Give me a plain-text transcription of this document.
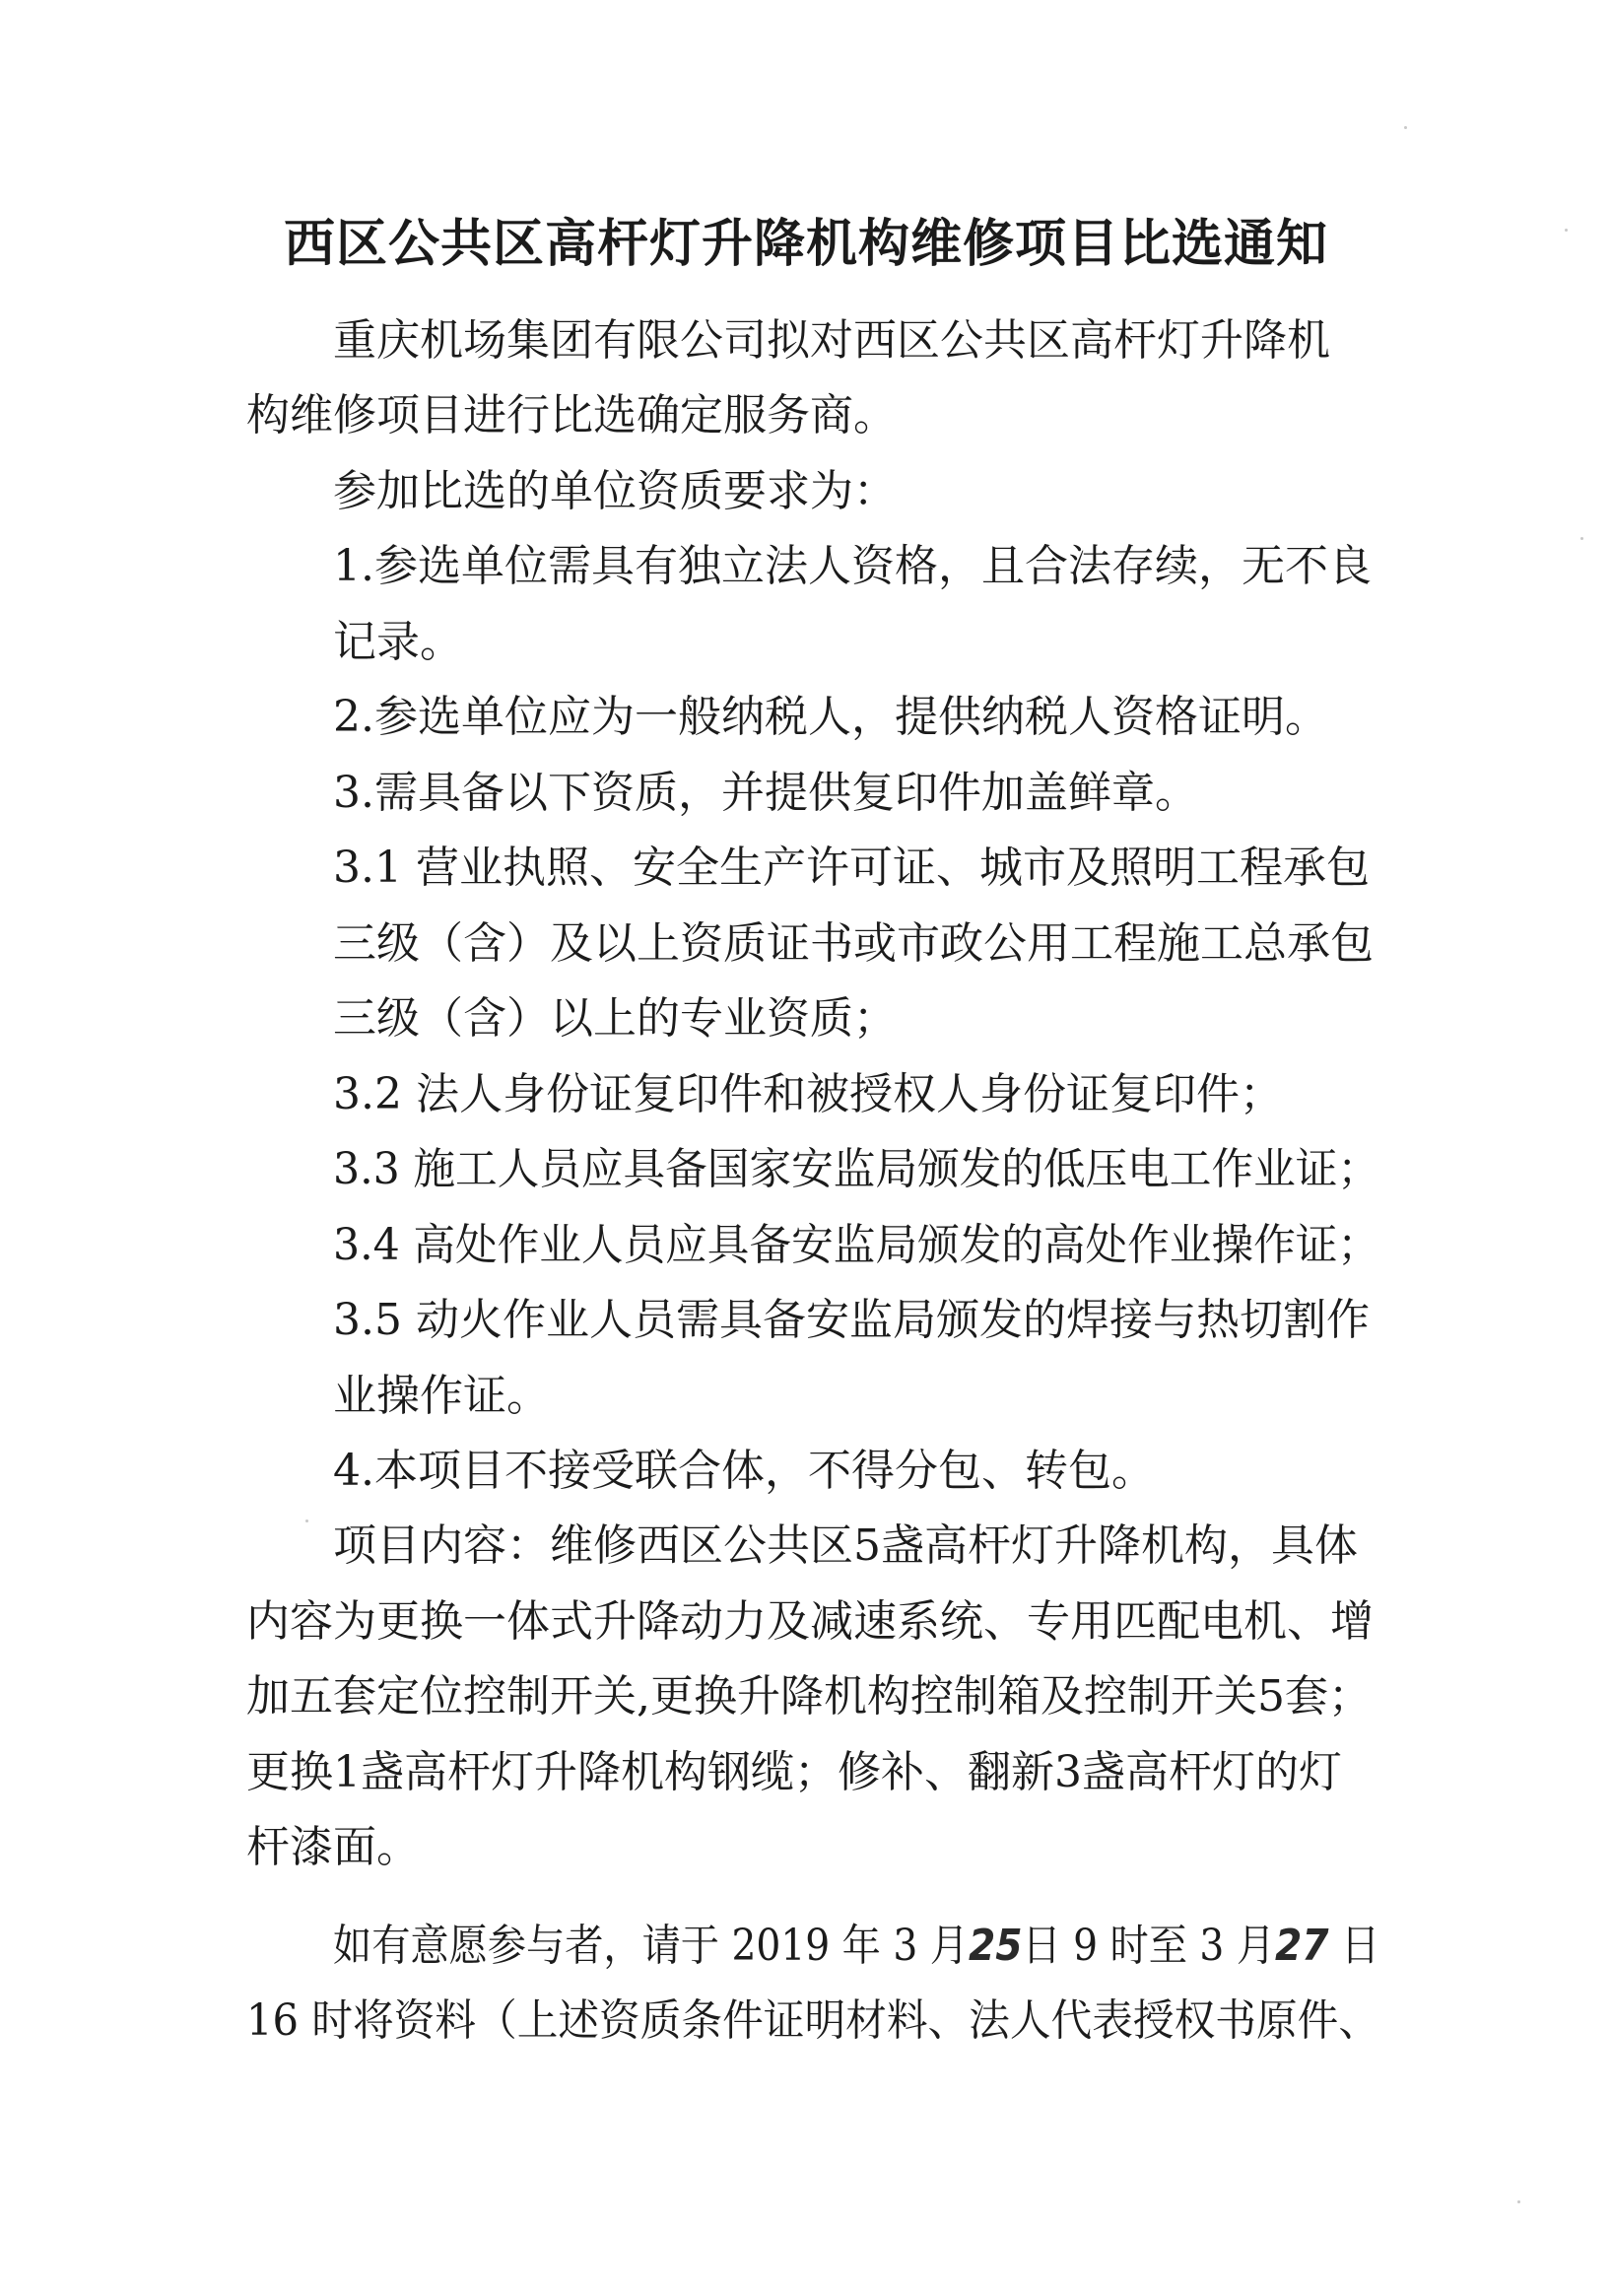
西区公共区高杆灯升降机构维修项目比选通知
重庆机场集团有限公司拟对西区公共区高杆灯升降机
构维修项目进行比选确定服务商。
参加比选的单位资质要求为：
1.参选单位需具有独立法人资格，且合法存续，无不良
记录。
2.参选单位应为一般纳税人，提供纳税人资格证明。
3.需具备以下资质，并提供复印件加盖鲜章。
3.1 营业执照、安全生产许可证、城市及照明工程承包
三级（含）及以上资质证书或市政公用工程施工总承包
三级（含）以上的专业资质；
3.2 法人身份证复印件和被授权人身份证复印件；
3.3 施工人员应具备国家安监局颁发的低压电工作业证；
3.4 高处作业人员应具备安监局颁发的高处作业操作证；
3.5 动火作业人员需具备安监局颁发的焊接与热切割作
业操作证。
4.本项目不接受联合体，不得分包、转包。
项目内容：维修西区公共区5盏高杆灯升降机构，具体
内容为更换一体式升降动力及减速系统、专用匹配电机、增
加五套定位控制开关,更换升降机构控制箱及控制开关5套；
更换1盏高杆灯升降机构钢缆；修补、翻新3盏高杆灯的灯
杆漆面。
如有意愿参与者，请于 2019 年 3 月25日 9 时至 3 月27 日
16 时将资料（上述资质条件证明材料、法人代表授权书原件、
